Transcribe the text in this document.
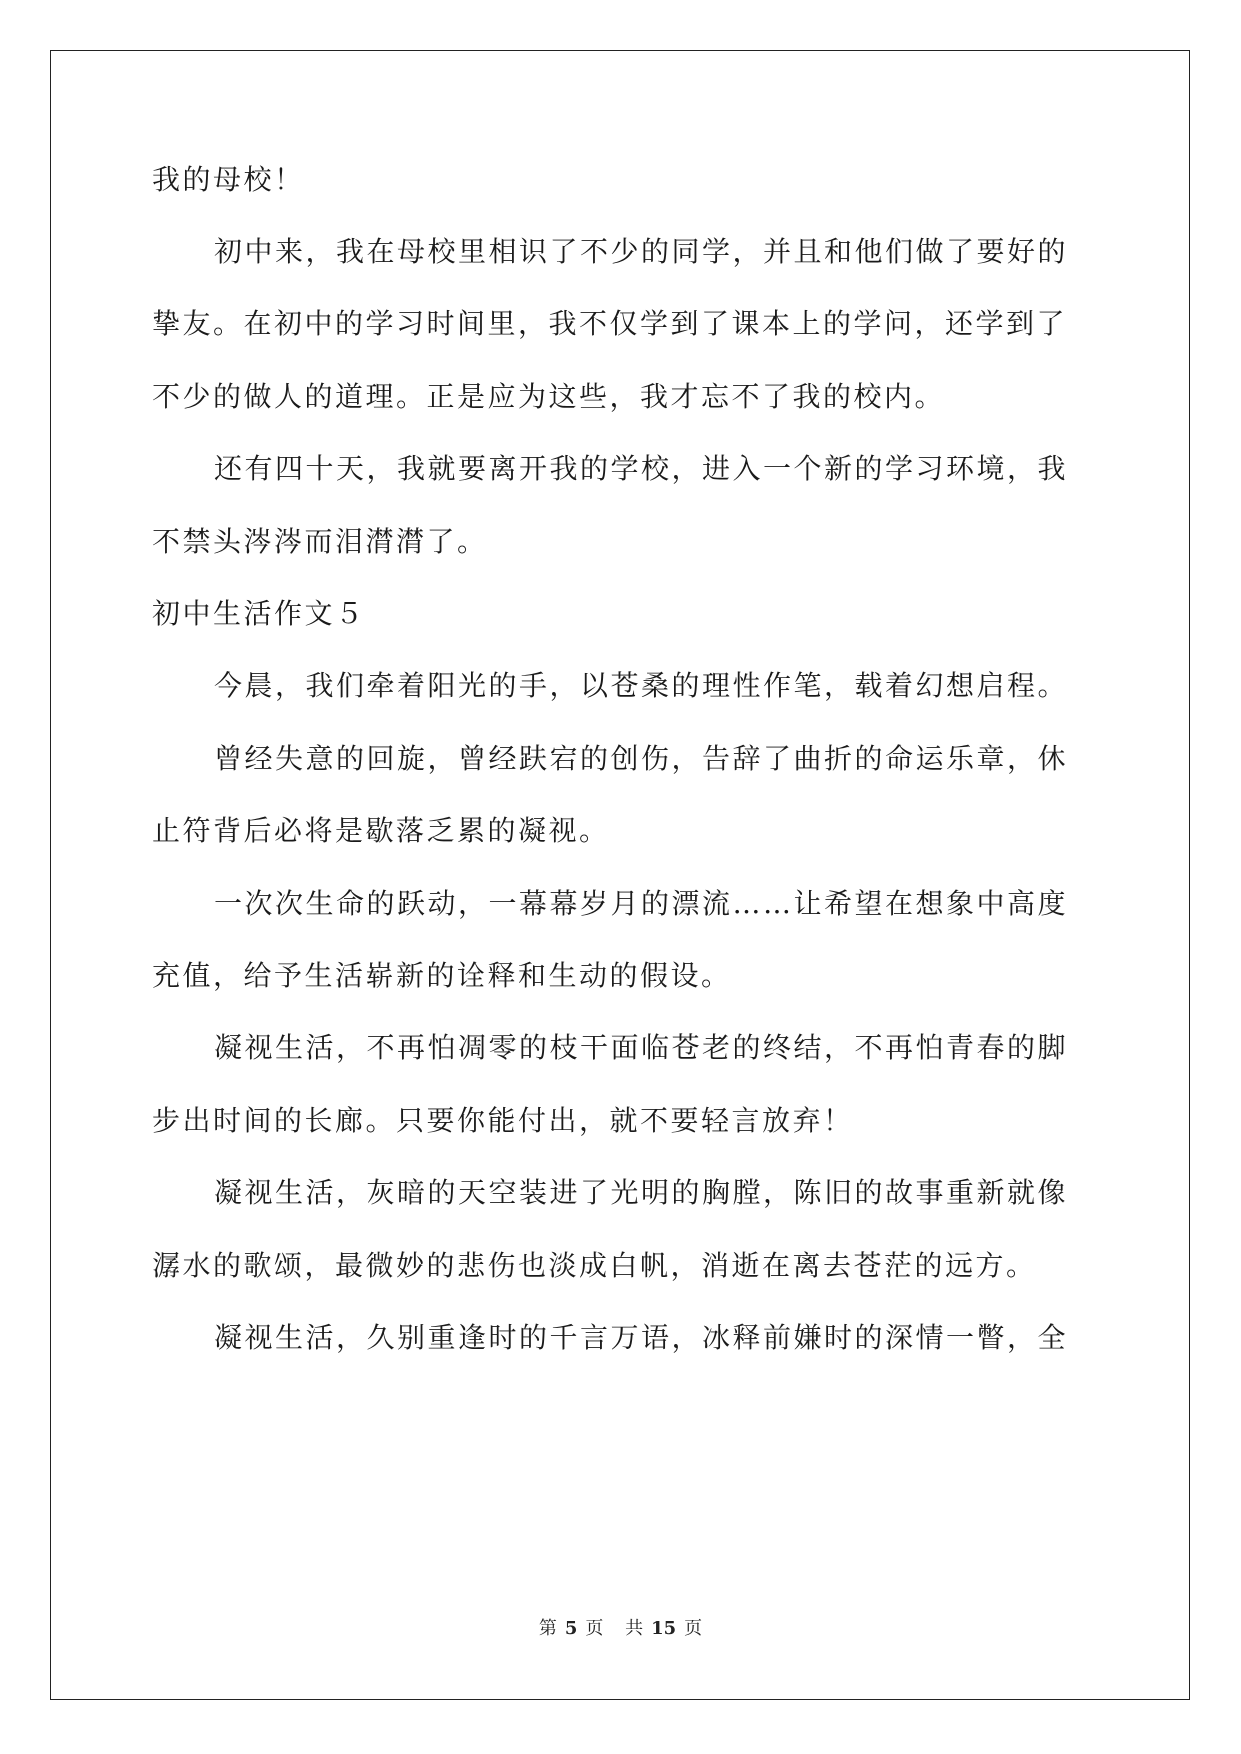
我的母校！
初中来，我在母校里相识了不少的同学，并且和他们做了要好的
挚友。在初中的学习时间里，我不仅学到了课本上的学问，还学到了
不少的做人的道理。正是应为这些，我才忘不了我的校内。
还有四十天，我就要离开我的学校，进入一个新的学习环境，我
不禁头涔涔而泪潸潸了。
初中生活作文５
今晨，我们牵着阳光的手，以苍桑的理性作笔，载着幻想启程。
曾经失意的回旋，曾经趺宕的创伤，告辞了曲折的命运乐章，休
止符背后必将是歇落乏累的凝视。
一次次生命的跃动，一幕幕岁月的漂流……让希望在想象中高度
充值，给予生活崭新的诠释和生动的假设。
凝视生活，不再怕凋零的枝干面临苍老的终结，不再怕青春的脚
步出时间的长廊。只要你能付出，就不要轻言放弃！
凝视生活，灰暗的天空装进了光明的胸膛，陈旧的故事重新就像
潺水的歌颂，最微妙的悲伤也淡成白帆，消逝在离去苍茫的远方。
凝视生活，久别重逢时的千言万语，冰释前嫌时的深情一瞥，全
第 5 页 共 15 页
